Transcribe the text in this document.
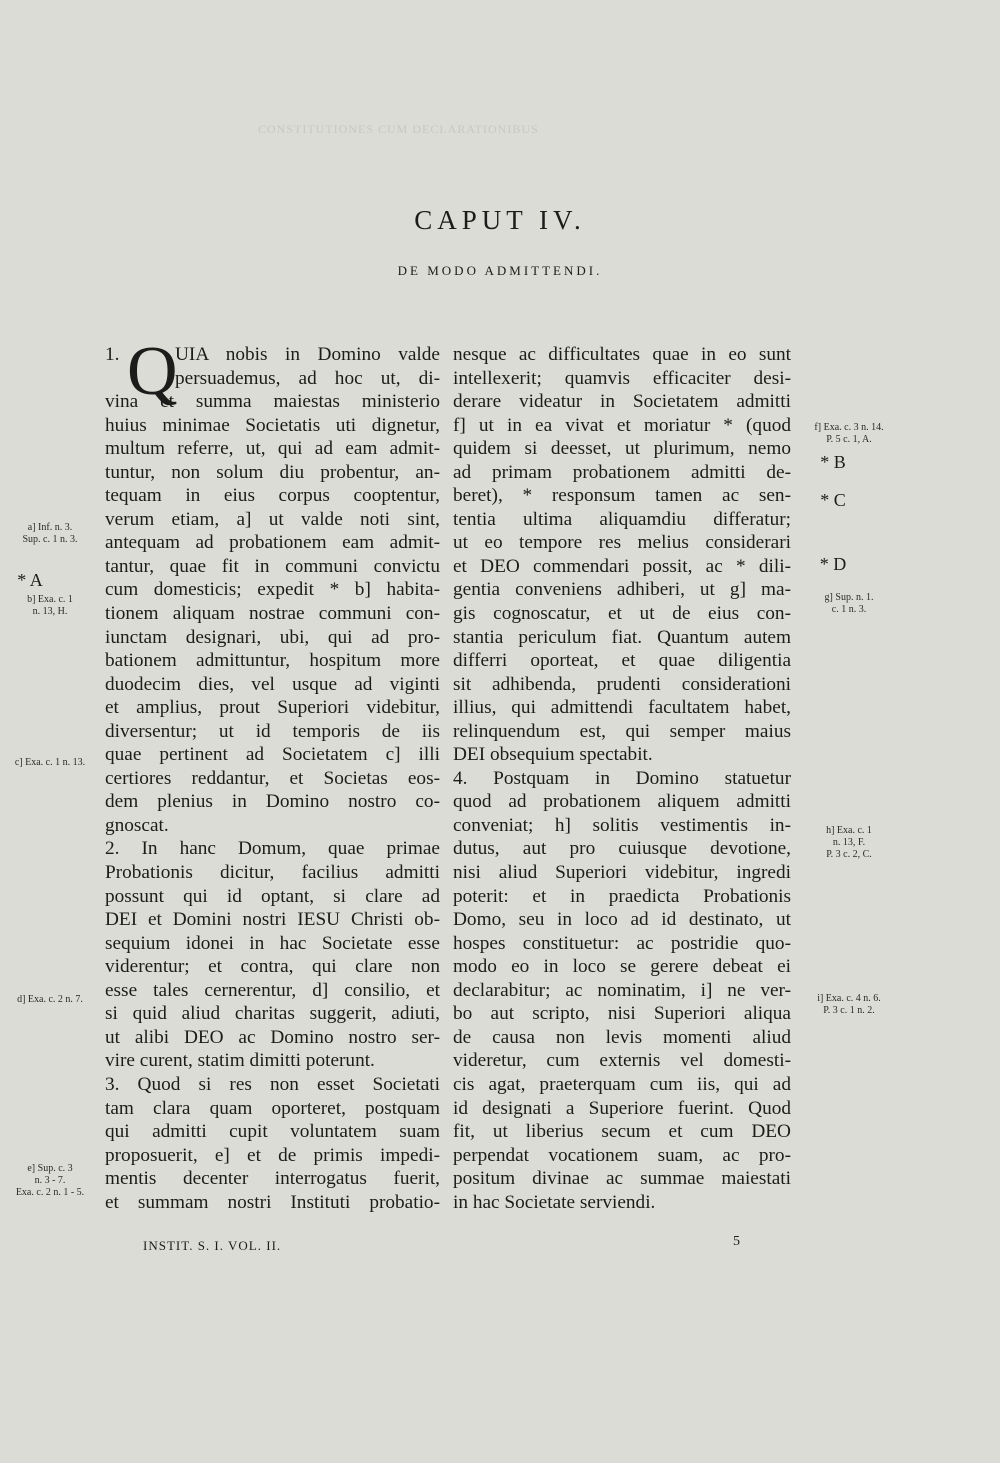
CONSTITUTIONES CUM DECLARATIONIBUS
CAPUT IV.
DE MODO ADMITTENDI.
1. Q
UIA nobis in Domino valde
persuademus, ad hoc ut, di-
vina et summa maiestas ministerio
huius minimae Societatis uti dignetur,
multum referre, ut, qui ad eam admit-
tuntur, non solum diu probentur, an-
tequam in eius corpus cooptentur,
verum etiam, a] ut valde noti sint,
antequam ad probationem eam admit-
tantur, quae fit in communi convictu
cum domesticis; expedit * b] habita-
tionem aliquam nostrae communi con-
iunctam designari, ubi, qui ad pro-
bationem admittuntur, hospitum more
duodecim dies, vel usque ad viginti
et amplius, prout Superiori videbitur,
diversentur; ut id temporis de iis
quae pertinent ad Societatem c] illi
certiores reddantur, et Societas eos-
dem plenius in Domino nostro co-
gnoscat.
2. In hanc Domum, quae primae
Probationis dicitur, facilius admitti
possunt qui id optant, si clare ad
DEI et Domini nostri IESU Christi ob-
sequium idonei in hac Societate esse
viderentur; et contra, qui clare non
esse tales cernerentur, d] consilio, et
si quid aliud charitas suggerit, adiuti,
ut alibi DEO ac Domino nostro ser-
vire curent, statim dimitti poterunt.
3. Quod si res non esset Societati
tam clara quam oporteret, postquam
qui admitti cupit voluntatem suam
proposuerit, e] et de primis impedi-
mentis decenter interrogatus fuerit,
et summam nostri Instituti probatio-
nesque ac difficultates quae in eo sunt
intellexerit; quamvis efficaciter desi-
derare videatur in Societatem admitti
f] ut in ea vivat et moriatur * (quod
quidem si deesset, ut plurimum, nemo
ad primam probationem admitti de-
beret), * responsum tamen ac sen-
tentia ultima aliquamdiu differatur;
ut eo tempore res melius considerari
et DEO commendari possit, ac * dili-
gentia conveniens adhiberi, ut g] ma-
gis cognoscatur, et ut de eius con-
stantia periculum fiat. Quantum autem
differri oporteat, et quae diligentia
sit adhibenda, prudenti considerationi
illius, qui admittendi facultatem habet,
relinquendum est, qui semper maius
DEI obsequium spectabit.
4. Postquam in Domino statuetur
quod ad probationem aliquem admitti
conveniat; h] solitis vestimentis in-
dutus, aut pro cuiusque devotione,
nisi aliud Superiori videbitur, ingredi
poterit: et in praedicta Probationis
Domo, seu in loco ad id destinato, ut
hospes constituetur: ac postridie quo-
modo eo in loco se gerere debeat ei
declarabitur; ac nominatim, i] ne ver-
bo aut scripto, nisi Superiori aliqua
de causa non levis momenti aliud
videretur, cum externis vel domesti-
cis agat, praeterquam cum iis, qui ad
id designati a Superiore fuerint. Quod
fit, ut liberius secum et cum DEO
perpendat vocationem suam, ac pro-
positum divinae ac summae maiestati
in hac Societate serviendi.
a] Inf. n. 3.
Sup. c. 1 n. 3.
* A
b] Exa. c. 1
n. 13, H.
c] Exa. c. 1 n. 13.
d] Exa. c. 2 n. 7.
e] Sup. c. 3
n. 3 - 7.
Exa. c. 2 n. 1 - 5.
f] Exa. c. 3 n. 14.
P. 5 c. 1, A.
* B
* C
* D
g] Sup. n. 1.
c. 1 n. 3.
h] Exa. c. 1
n. 13, F.
P. 3 c. 2, C.
i] Exa. c. 4 n. 6.
P. 3 c. 1 n. 2.
INSTIT. S. I. VOL. II.	5
